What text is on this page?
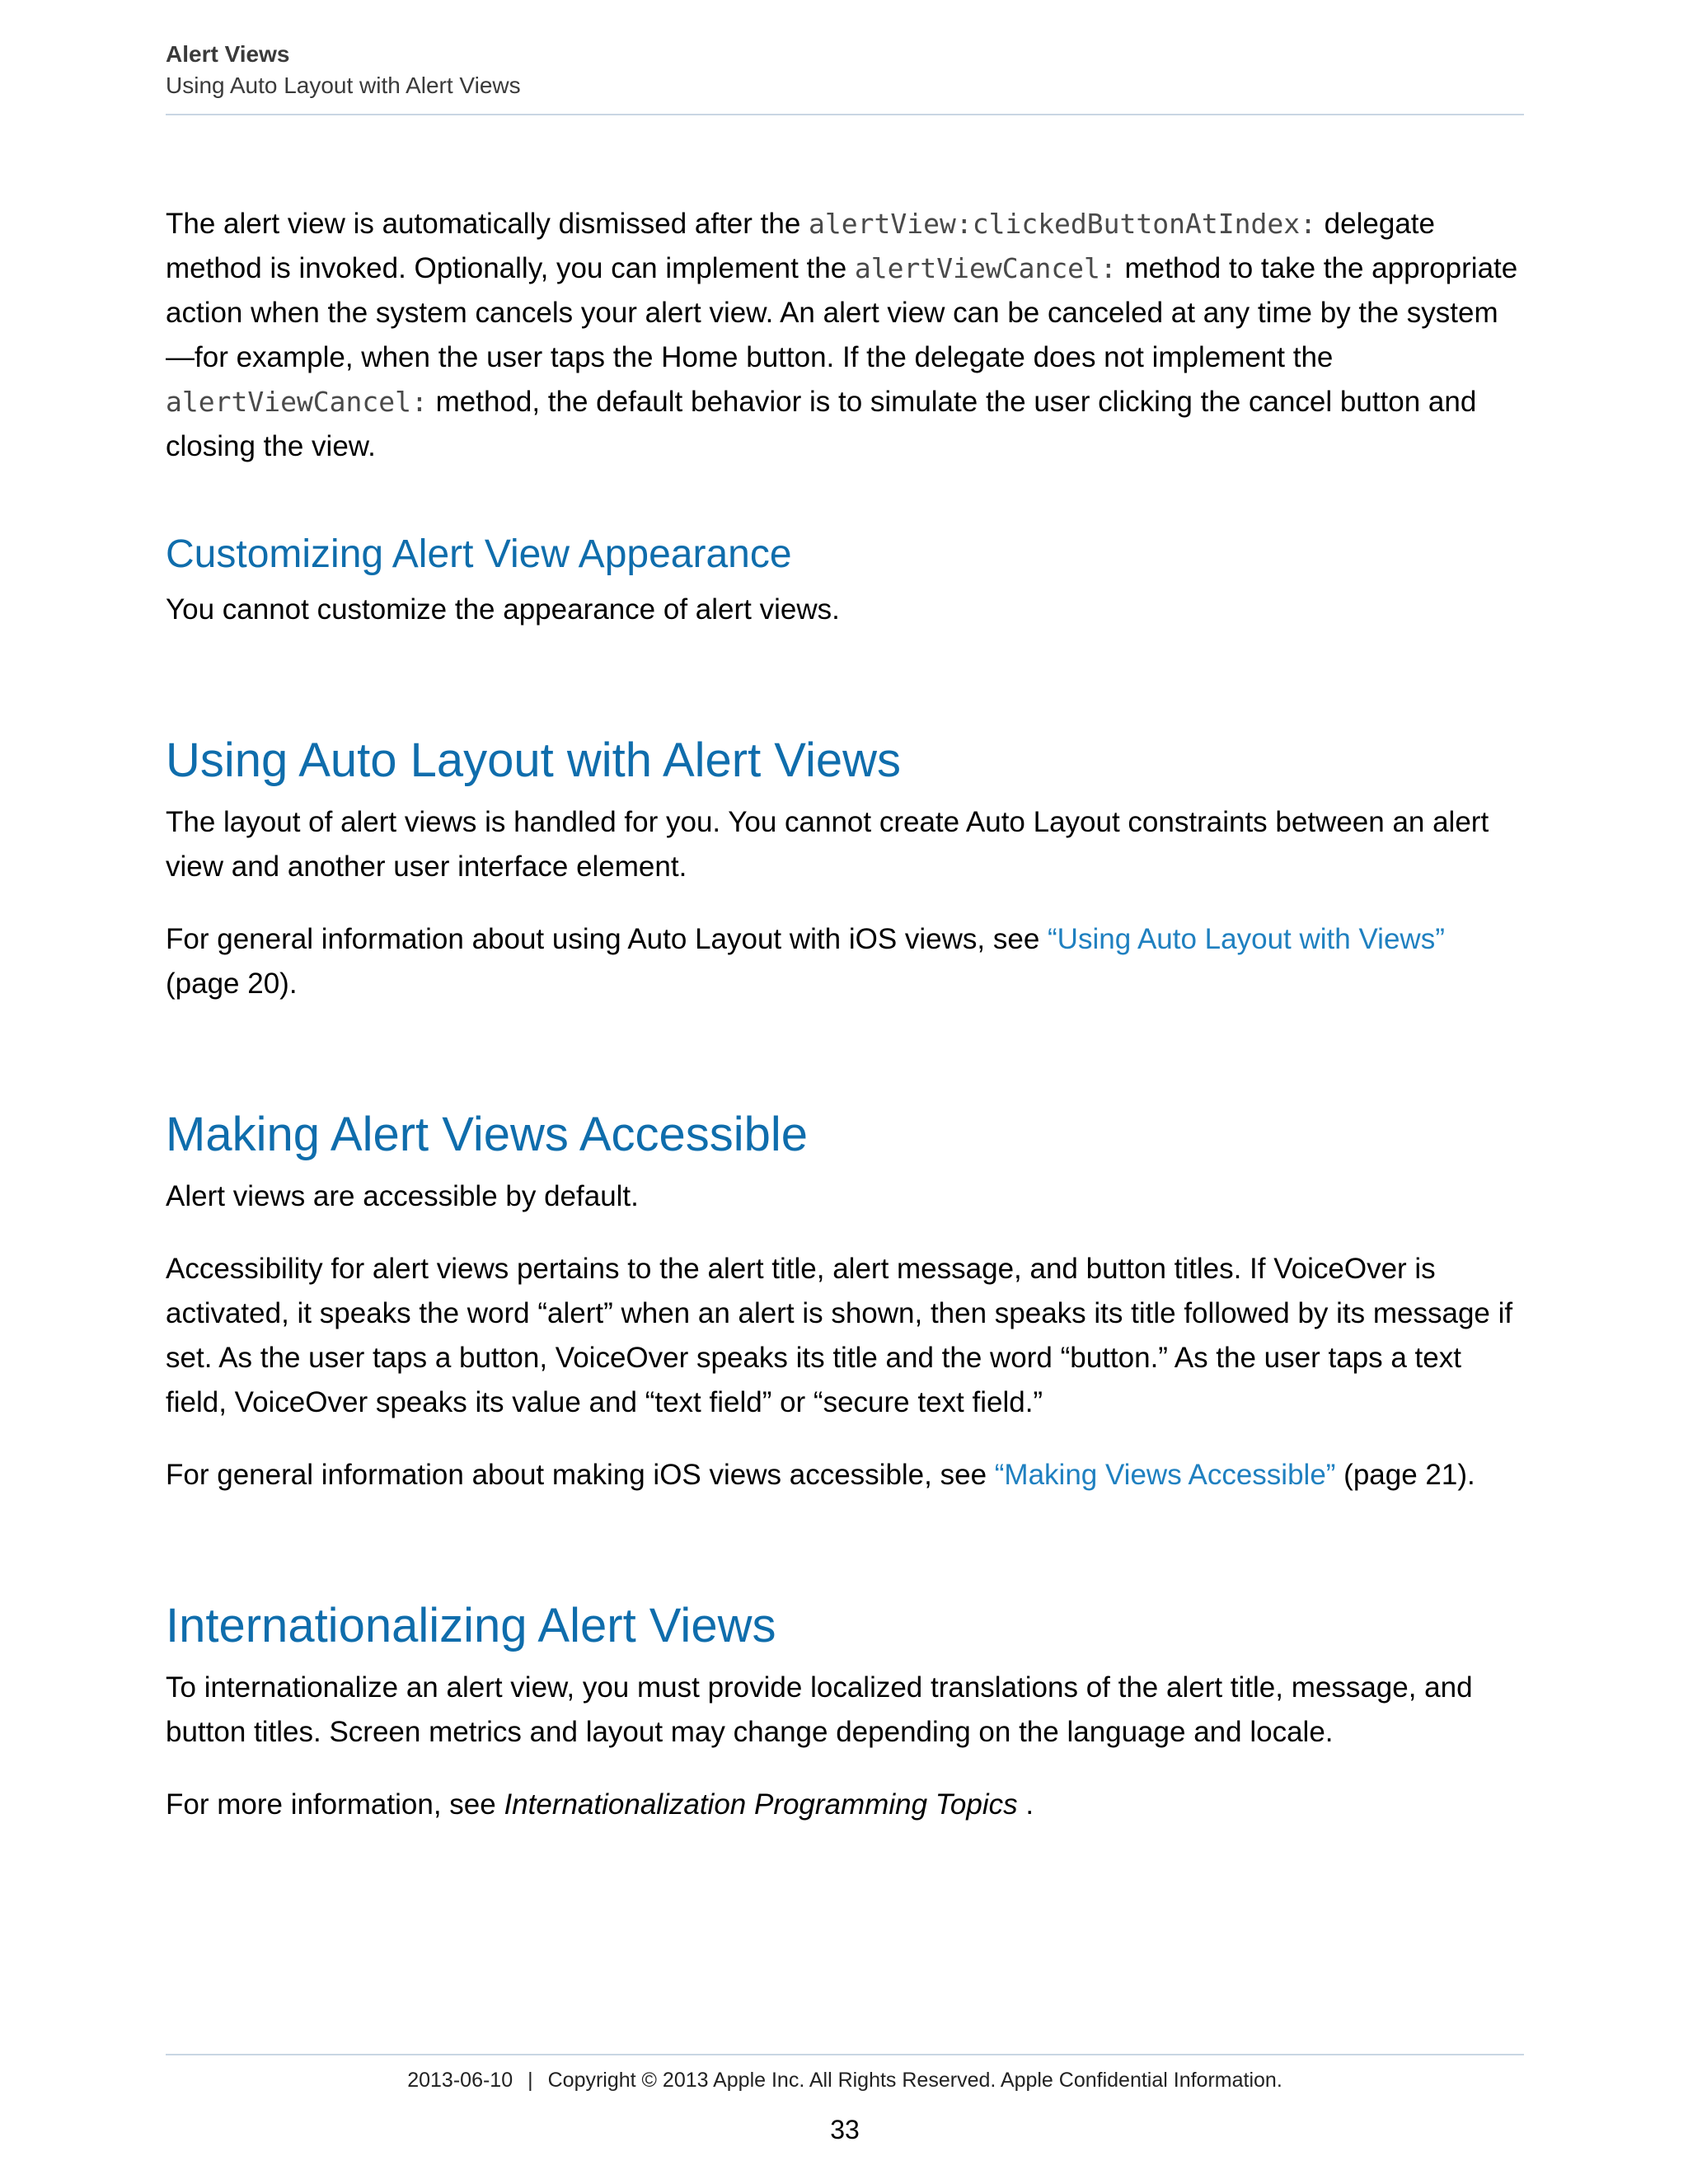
Alert Views
Using Auto Layout with Alert Views

The alert view is automatically dismissed after the alertView:clickedButtonAtIndex: delegate method is invoked. Optionally, you can implement the alertViewCancel: method to take the appropriate action when the system cancels your alert view. An alert view can be canceled at any time by the system—for example, when the user taps the Home button. If the delegate does not implement the alertViewCancel: method, the default behavior is to simulate the user clicking the cancel button and closing the view.

Customizing Alert View Appearance

You cannot customize the appearance of alert views.

Using Auto Layout with Alert Views

The layout of alert views is handled for you. You cannot create Auto Layout constraints between an alert view and another user interface element.

For general information about using Auto Layout with iOS views, see “Using Auto Layout with Views” (page 20).

Making Alert Views Accessible

Alert views are accessible by default.

Accessibility for alert views pertains to the alert title, alert message, and button titles. If VoiceOver is activated, it speaks the word “alert” when an alert is shown, then speaks its title followed by its message if set. As the user taps a button, VoiceOver speaks its title and the word “button.” As the user taps a text field, VoiceOver speaks its value and “text field” or “secure text field.”

For general information about making iOS views accessible, see “Making Views Accessible” (page 21).

Internationalizing Alert Views

To internationalize an alert view, you must provide localized translations of the alert title, message, and button titles. Screen metrics and layout may change depending on the language and locale.

For more information, see Internationalization Programming Topics .

2013-06-10 | Copyright © 2013 Apple Inc. All Rights Reserved. Apple Confidential Information.
33
